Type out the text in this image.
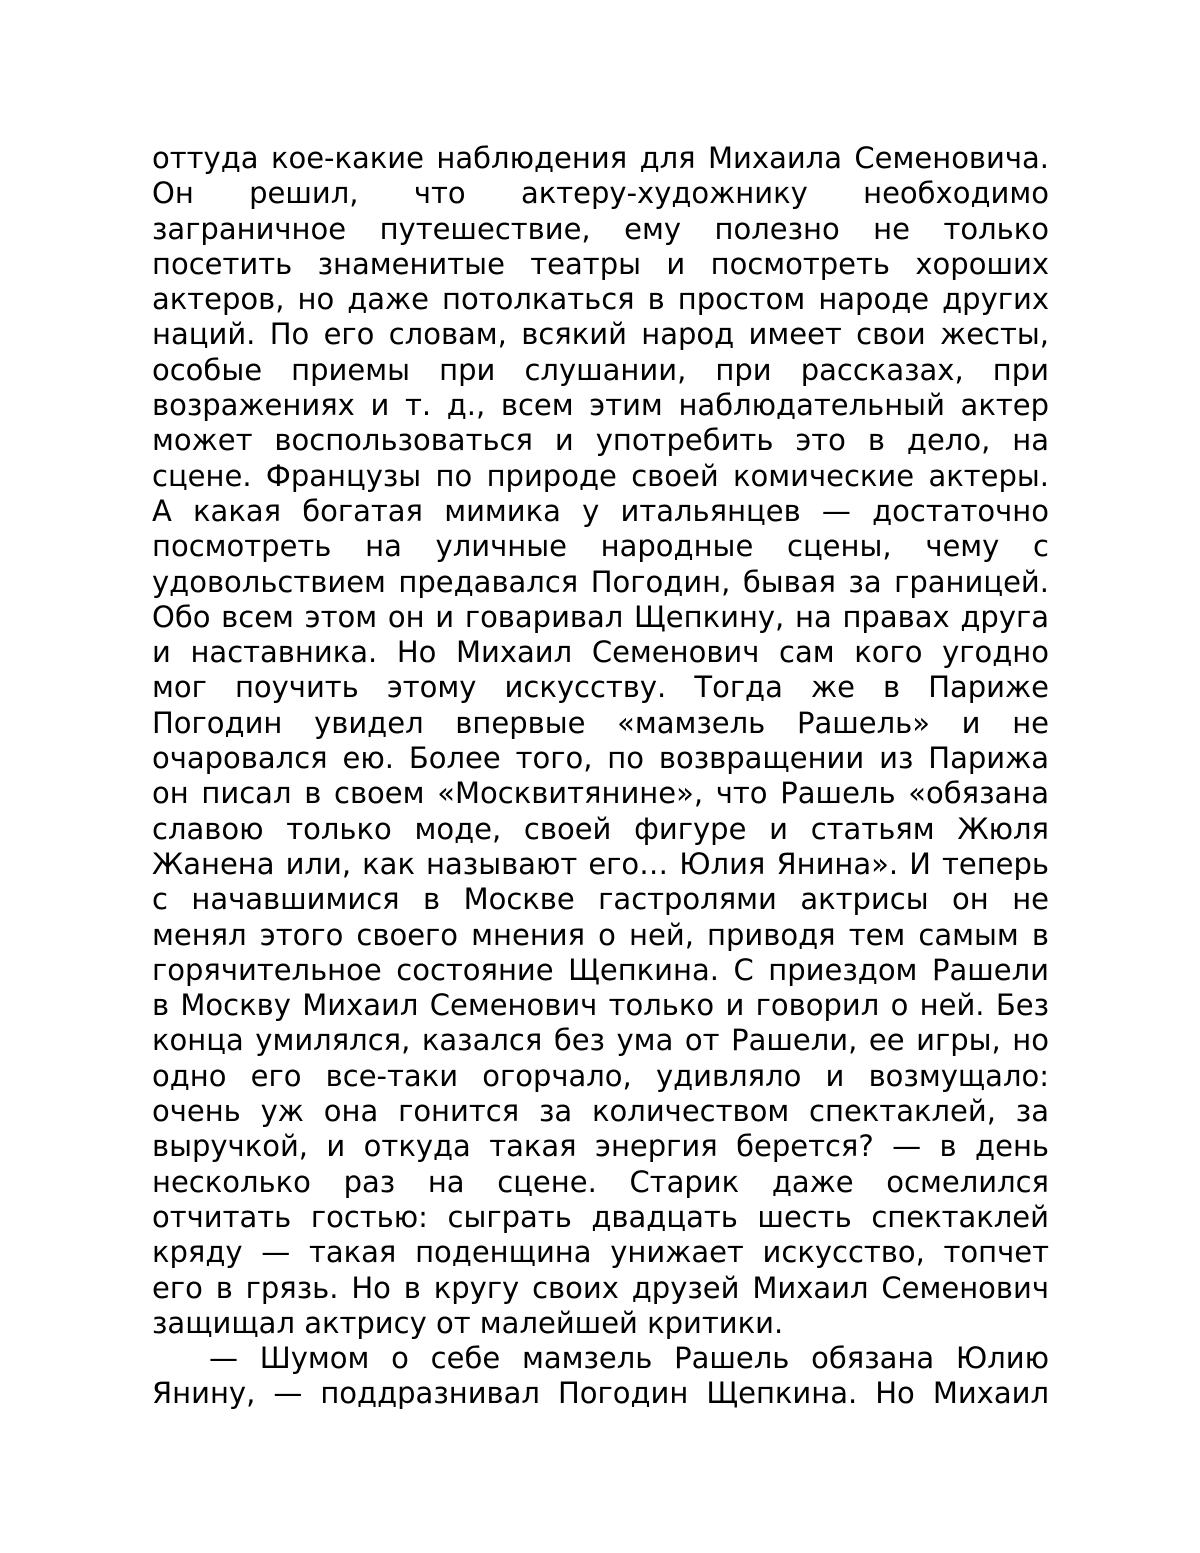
оттуда кое-какие наблюдения для Михаила Семеновича.
Он решил, что актеру-художнику необходимо
заграничное путешествие, ему полезно не только
посетить знаменитые театры и посмотреть хороших
актеров, но даже потолкаться в простом народе других
наций. По его словам, всякий народ имеет свои жесты,
особые приемы при слушании, при рассказах, при
возражениях и т. д., всем этим наблюдательный актер
может воспользоваться и употребить это в дело, на
сцене. Французы по природе своей комические актеры.
А какая богатая мимика у итальянцев — достаточно
посмотреть на уличные народные сцены, чему с
удовольствием предавался Погодин, бывая за границей.
Обо всем этом он и говаривал Щепкину, на правах друга
и наставника. Но Михаил Семенович сам кого угодно
мог поучить этому искусству. Тогда же в Париже
Погодин увидел впервые «мамзель Рашель» и не
очаровался ею. Более того, по возвращении из Парижа
он писал в своем «Москвитянине», что Рашель «обязана
славою только моде, своей фигуре и статьям Жюля
Жанена или, как называют его… Юлия Янина». И теперь
с начавшимися в Москве гастролями актрисы он не
менял этого своего мнения о ней, приводя тем самым в
горячительное состояние Щепкина. С приездом Рашели
в Москву Михаил Семенович только и говорил о ней. Без
конца умилялся, казался без ума от Рашели, ее игры, но
одно его все-таки огорчало, удивляло и возмущало:
очень уж она гонится за количеством спектаклей, за
выручкой, и откуда такая энергия берется? — в день
несколько раз на сцене. Старик даже осмелился
отчитать гостью: сыграть двадцать шесть спектаклей
кряду — такая поденщина унижает искусство, топчет
его в грязь. Но в кругу своих друзей Михаил Семенович
защищал актрису от малейшей критики.
— Шумом о себе мамзель Рашель обязана Юлию
Янину, — поддразнивал Погодин Щепкина. Но Михаил
